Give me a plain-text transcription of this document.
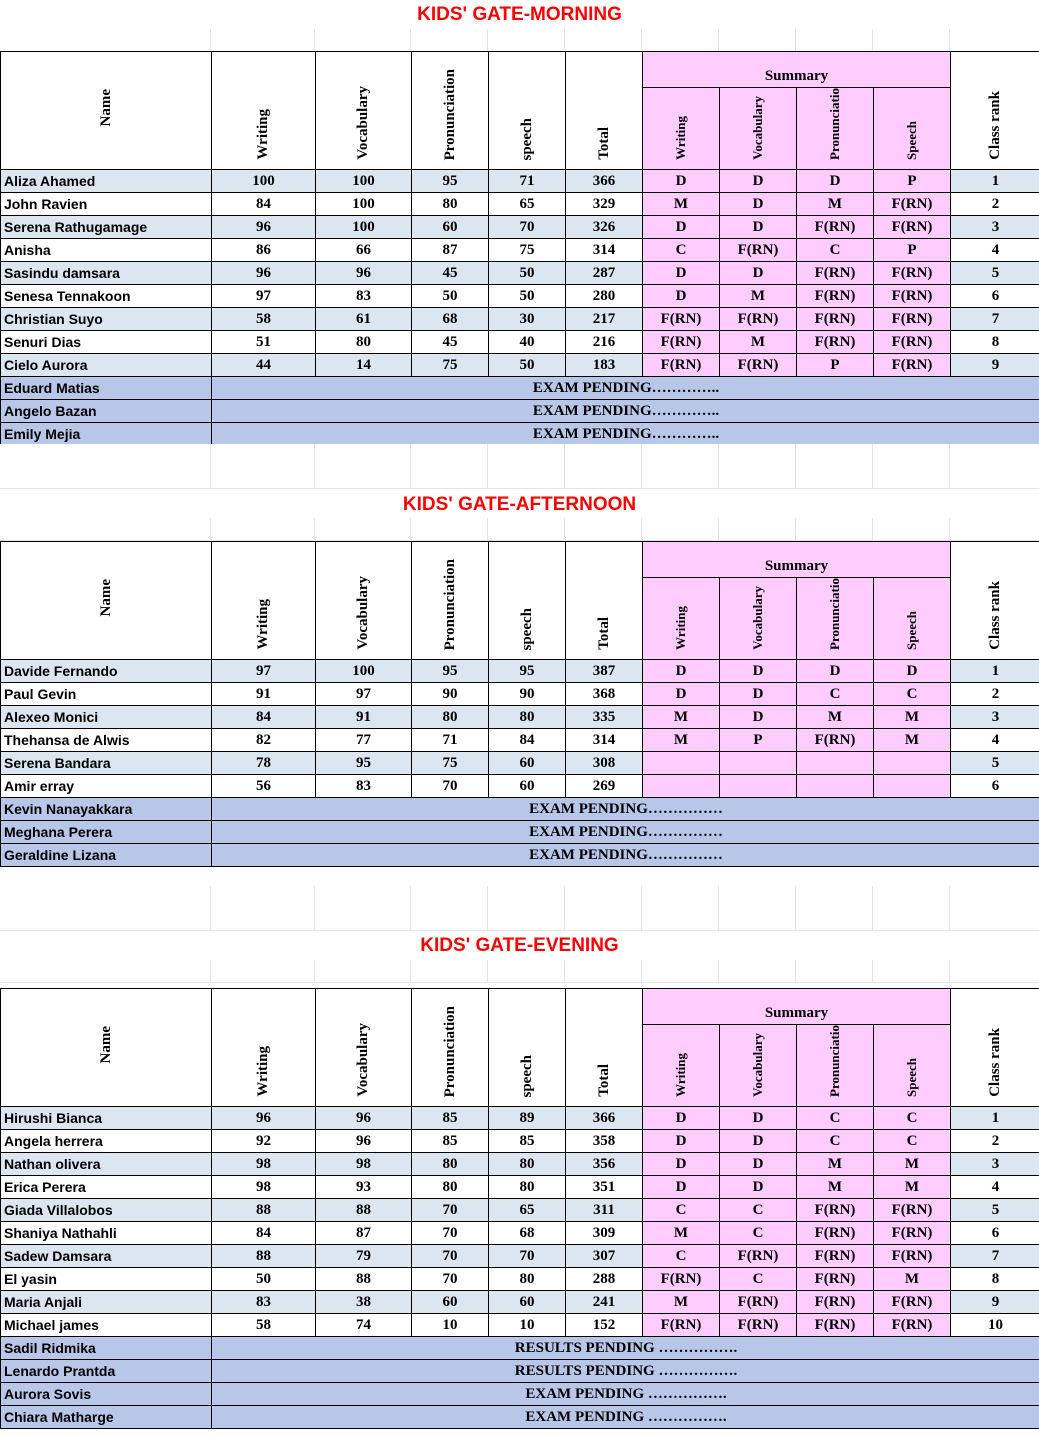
KIDS' GATE-MORNING
Name	Writing	Vocabulary	Pronunciation	speech	Total	Summary				Class rank
						Writing	Vocabulary	Pronunciatio	Speech	
Aliza Ahamed	100	100	95	71	366	D	D	D	P	1
John Ravien	84	100	80	65	329	M	D	M	F(RN)	2
Serena Rathugamage	96	100	60	70	326	D	D	F(RN)	F(RN)	3
Anisha	86	66	87	75	314	C	F(RN)	C	P	4
Sasindu damsara	96	96	45	50	287	D	D	F(RN)	F(RN)	5
Senesa Tennakoon	97	83	50	50	280	D	M	F(RN)	F(RN)	6
Christian Suyo	58	61	68	30	217	F(RN)	F(RN)	F(RN)	F(RN)	7
Senuri Dias	51	80	45	40	216	F(RN)	M	F(RN)	F(RN)	8
Cielo Aurora	44	14	75	50	183	F(RN)	F(RN)	P	F(RN)	9
Eduard Matias	EXAM PENDING…………..									
Angelo Bazan	EXAM PENDING…………..									
Emily Mejia	EXAM PENDING…………..									
KIDS' GATE-AFTERNOON
Name	Writing	Vocabulary	Pronunciation	speech	Total	Summary				Class rank
						Writing	Vocabulary	Pronunciatio	Speech	
Davide Fernando	97	100	95	95	387	D	D	D	D	1
Paul Gevin	91	97	90	90	368	D	D	C	C	2
Alexeo Monici	84	91	80	80	335	M	D	M	M	3
Thehansa de Alwis	82	77	71	84	314	M	P	F(RN)	M	4
Serena Bandara	78	95	75	60	308					5
Amir erray	56	83	70	60	269					6
Kevin Nanayakkara	EXAM PENDING……………									
Meghana Perera	EXAM PENDING……………									
Geraldine Lizana	EXAM PENDING……………									
KIDS' GATE-EVENING
Name	Writing	Vocabulary	Pronunciation	speech	Total	Summary				Class rank
						Writing	Vocabulary	Pronunciatio	Speech	
Hirushi Bianca	96	96	85	89	366	D	D	C	C	1
Angela herrera	92	96	85	85	358	D	D	C	C	2
Nathan olivera	98	98	80	80	356	D	D	M	M	3
Erica Perera	98	93	80	80	351	D	D	M	M	4
Giada Villalobos	88	88	70	65	311	C	C	F(RN)	F(RN)	5
Shaniya Nathahli	84	87	70	68	309	M	C	F(RN)	F(RN)	6
Sadew Damsara	88	79	70	70	307	C	F(RN)	F(RN)	F(RN)	7
El yasin	50	88	70	80	288	F(RN)	C	F(RN)	M	8
Maria Anjali	83	38	60	60	241	M	F(RN)	F(RN)	F(RN)	9
Michael james	58	74	10	10	152	F(RN)	F(RN)	F(RN)	F(RN)	10
Sadil Ridmika	RESULTS PENDING …………….									
Lenardo Prantda	RESULTS PENDING …………….									
Aurora Sovis	EXAM PENDING …………….									
Chiara Matharge	EXAM PENDING …………….									
